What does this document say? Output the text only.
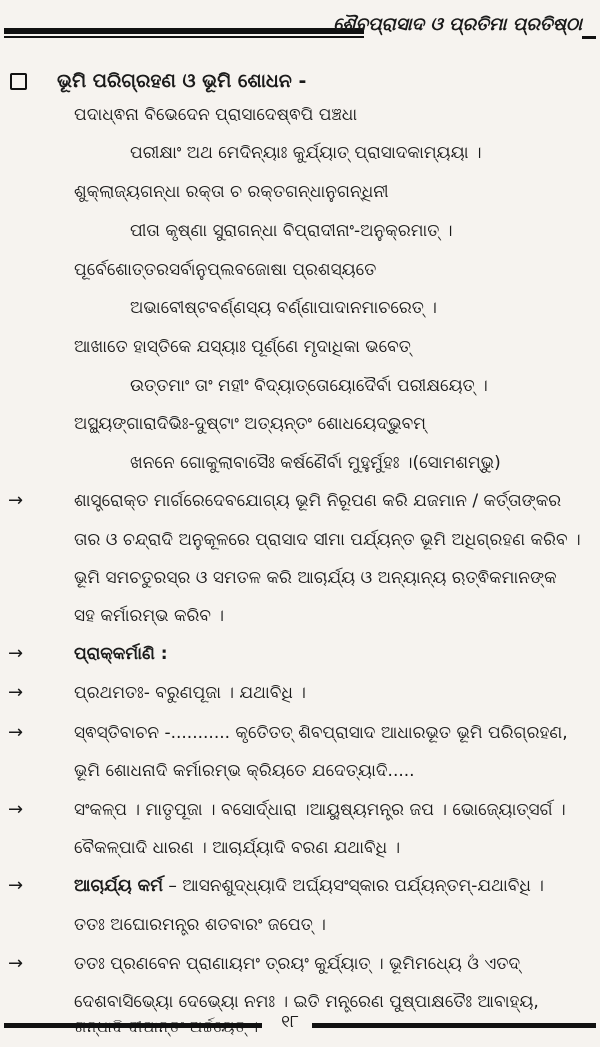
ଶୈବପ୍ରାସାଦ ଓ ପ୍ରତିମା ପ୍ରତିଷ୍ଠା
ଭୂମି ପରିଗ୍ରହଣ ଓ ଭୂମି ଶୋଧନ -
ପଦାଧ୍ଵନା ବିଭେଦେନ ପ୍ରାସାଦେଷ୍ଵପି ପଞ୍ଚଧା
ପରୀକ୍ଷାଂ ଅଥ ମେଦିନ୍ୟାଃ କୁର୍ଯ୍ୟାତ୍ ପ୍ରାସାଦକାମ୍ୟୟା ।
ଶୁକ୍ଲାଜ୍ୟଗନ୍ଧା ରକ୍ତା ଚ ରକ୍ତଗନ୍ଧାନୁଗନ୍ଧିନୀ
ପୀତା କୃଷ୍ଣା ସୁରାଗନ୍ଧା ବିପ୍ରାଦୀନାଂ-ଅନୁକ୍ରମାତ୍ ।
ପୂର୍ବେଶୋତ୍ତରସର୍ବାନୁପ୍ଲବଜୋଷା ପ୍ରଶସ୍ୟତେ
ଅଭାବେୀଷ୍ଟବର୍ଣ୍ଣସ୍ୟ ବର୍ଣ୍ଣାପାଦାନମାଚରେତ୍ ।
ଆଖାତେ ହାସ୍ତିକେ ଯସ୍ୟାଃ ପୂର୍ଣ୍ଣେ ମୃଦାଧିକା ଭବେତ୍
ଉତ୍ତମାଂ ତାଂ ମହୀଂ ବିଦ୍ୟାତ୍ତୋୟୋଦୈର୍ବା ପରୀକ୍ଷୟେତ୍ ।
ଅସ୍ଥ୍ୟଙ୍ଗାରାଦିଭିଃ-ଦୁଷ୍ଟାଂ ଅତ୍ୟନ୍ତଂ ଶୋଧୟେଦ୍ଭୁବମ୍
ଖନନେ ଗୋକୁଲାବାସୈଃ କର୍ଷଣୈର୍ବା ମୁହୁର୍ମୁହଃ ।(ସୋମଶମ୍ଭୁ)
→	ଶାସ୍ତ୍ରୋକ୍ତ ମାର୍ଗରେଦେବଯୋଗ୍ୟ ଭୂମି ନିରୂପଣ କରି ଯଜମାନ / କର୍ତ୍ତାଙ୍କର
ତାର ଓ ଚନ୍ଦ୍ରାଦି ଅନୁକୂଳରେ ପ୍ରାସାଦ ସୀମା ପର୍ଯ୍ୟନ୍ତ ଭୂମି ଅଧିଗ୍ରହଣ କରିବ ।
ଭୂମି ସମଚତୁରସ୍ର ଓ ସମତଳ କରି ଆଚାର୍ଯ୍ୟ ଓ ଅନ୍ୟାନ୍ୟ ଋତ୍ଵିକମାନଙ୍କ
ସହ କର୍ମାରମ୍ଭ କରିବ ।
→	ପ୍ରାକ୍‌କର୍ମାଣି :
→	ପ୍ରଥମତଃ- ବରୁଣପୂଜା । ଯଥାବିଧି ।
→	ସ୍ଵସ୍ତିବାଚନ -........... କୃତେିତତ୍ ଶିବପ୍ରାସାଦ ଆଧାରଭୂତ ଭୂମି ପରିଗ୍ରହଣ,
ଭୂମି ଶୋଧନାଦି କର୍ମାରମ୍ଭ କ୍ରିୟତେ ଯଦେତ୍ୟାଦି.....
→	ସଂକଳ୍ପ । ମାତୃପୂଜା । ବସୋର୍ଦ୍ଧାରା ।ଆୟୁଷ୍ୟମନ୍ତ୍ର ଜପ । ଭୋଜ୍ୟୋତ୍ସର୍ଗ ।
ବୈକଳ୍ପାଦି ଧାରଣ । ଆଚାର୍ଯ୍ୟାଦି ବରଣ ଯଥାବିଧି ।
→	ଆଚାର୍ଯ୍ୟ କର୍ମ – ଆସନଶୁଦ୍ଧ୍ୟାଦି ଅର୍ଘ୍ୟସଂସ୍କାର ପର୍ଯ୍ୟନ୍ତମ୍-ଯଥାବିଧି ।
ତତଃ ଅଘୋରମନ୍ତ୍ର ଶତବାରଂ ଜପେତ୍ ।
→	ତତଃ ପ୍ରଣବେନ ପ୍ରାଣାୟମଂ ତ୍ରୟଂ କୁର୍ଯ୍ୟାତ୍ । ଭୂମିମଧ୍ୟେ ଓଁ ଏତଦ୍
ଦେଶବାସିଭ୍ୟୋ ଦେଭ୍ୟୋ ନମଃ । ଇତି ମନ୍ତ୍ରେଣ ପୁଷ୍ପାକ୍ଷତୈଃ ଆବାହ୍ୟ,
୧୮
